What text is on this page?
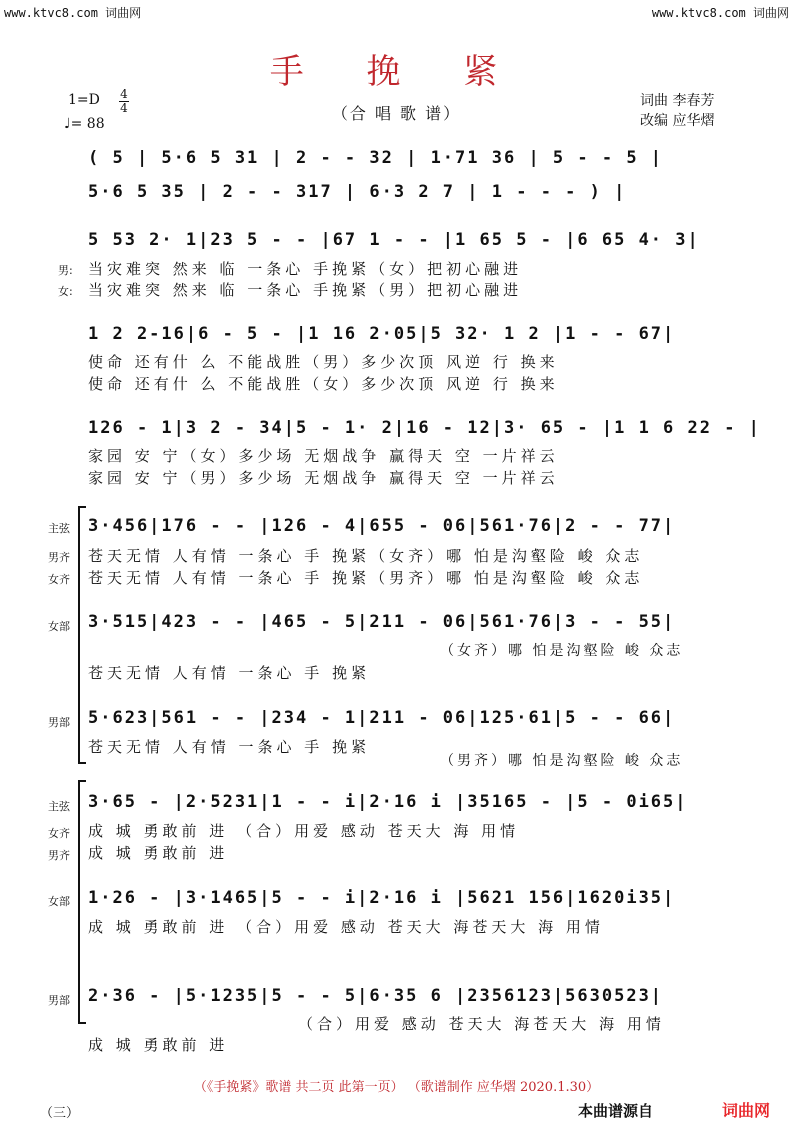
www.ktvc8.com 词曲网	www.ktvc8.com 词曲网
手 挽 紧
（合 唱 歌 谱）
1=D 4
4
♩= 88
词曲 李春芳
改编 应华熠
( 5 | 5·6 5 31 | 2 - - 32 | 1·71 36 | 5 - - 5 |
5·6 5 35 | 2 - - 317 | 6·3 2 7 | 1 - - - ) |
5 53 2· 1|23 5 - - |67 1 - - |1 65 5 - |6 65 4· 3|
男: 当灾难突 然来 临 一条心 手挽紧（女）把初心融进
女: 当灾难突 然来 临 一条心 手挽紧（男）把初心融进
1 2 2-16|6 - 5 - |1 16 2·05|5 32· 1 2 |1 - - 67|
使命 还有什 么 不能战胜（男）多少次顶 风逆 行 换来
使命 还有什 么 不能战胜（女）多少次顶 风逆 行 换来
126 - 1|3 2 - 34|5 - 1· 2|16 - 12|3· 65 - |1 1 6 22 - |
家园 安 宁（女）多少场 无烟战争 赢得天 空 一片祥云
家园 安 宁（男）多少场 无烟战争 赢得天 空 一片祥云
主弦 3·456|176 - - |126 - 4|655 - 06|561·76|2 - - 77|
男齐 苍天无情 人有情 一条心 手 挽紧（女齐）哪 怕是沟壑险 峻 众志
女齐 苍天无情 人有情 一条心 手 挽紧（男齐）哪 怕是沟壑险 峻 众志
女部 3·515|423 - - |465 - 5|211 - 06|561·76|3 - - 55|
（女齐）哪 怕是沟壑险 峻 众志
苍天无情 人有情 一条心 手 挽紧
男部 5·623|561 - - |234 - 1|211 - 06|125·61|5 - - 66|
苍天无情 人有情 一条心 手 挽紧
（男齐）哪 怕是沟壑险 峻 众志
主弦 3·65 - |2·5231|1 - - i|2·16 i |35165 - |5 - 0i65|
女齐 成 城 勇敢前 进 （合）用爱 感动 苍天大 海 用情
男齐 成 城 勇敢前 进
女部 1·26 - |3·1465|5 - - i|2·16 i |5621 156|1620i35|
成 城 勇敢前 进 （合）用爱 感动 苍天大 海苍天大 海 用情
男部 2·36 - |5·1235|5 - - 5|6·35 6 |2356123|5630523|
（合）用爱 感动 苍天大 海苍天大 海 用情
成 城 勇敢前 进
（《手挽紧》歌谱 共二页 此第一页） （歌谱制作 应华熠 2020.1.30）
（三）	本曲谱源自	词曲网
